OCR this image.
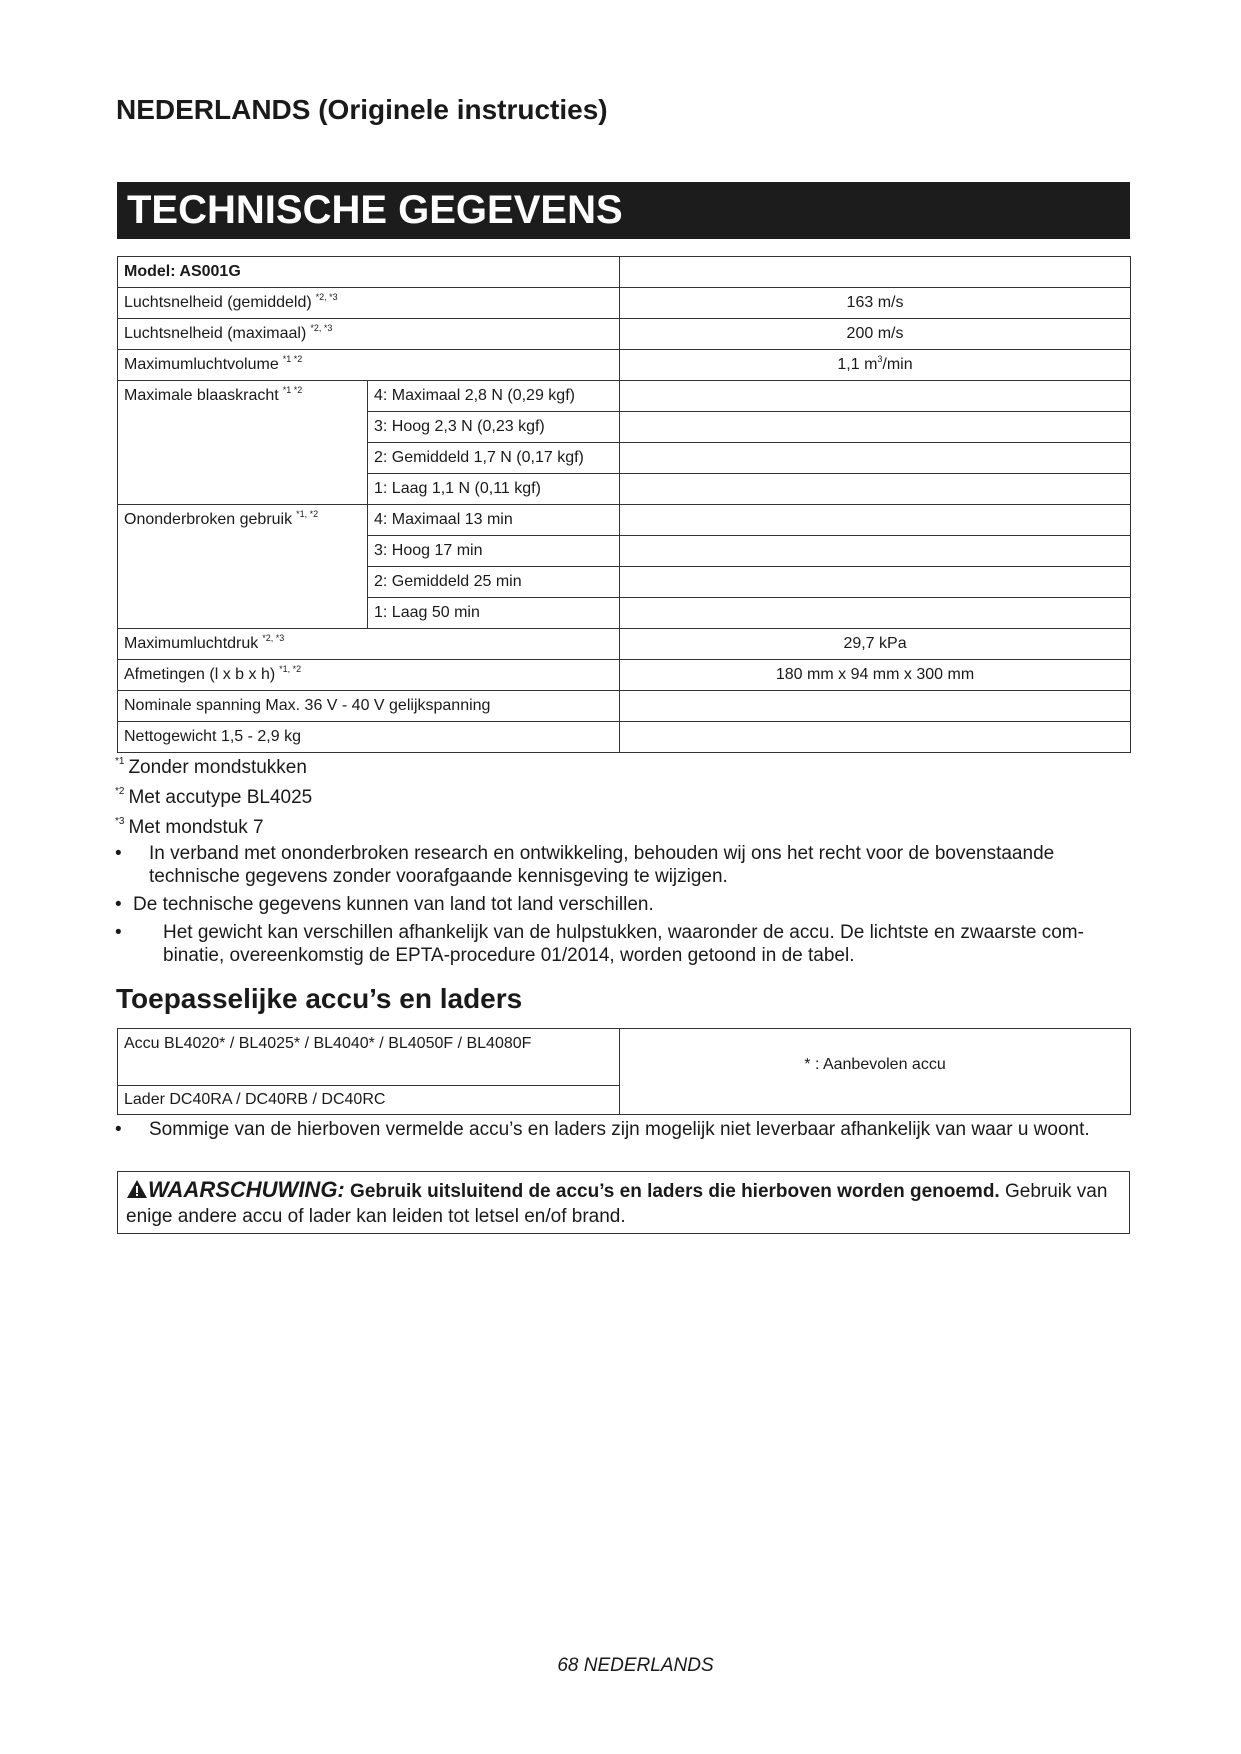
NEDERLANDS (Originele instructies)
TECHNISCHE GEGEVENS
Model: AS001G		
Luchtsnelheid (gemiddeld) $^{*2, *3}$		163 m/s
Luchtsnelheid (maximaal) $^{*2, *3}$		200 m/s
Maximumluchtvolume $^{*1 *2}$		1,1 $m^3/\min$
Maximale blaaskracht $^{*1 *2}$	4: Maximaal 2,8 N (0,29 kgf)	
	3: Hoog 2,3 N (0,23 kgf)	
	2: Gemiddeld 1,7 N (0,17 kgf)	
	1: Laag 1,1 N (0,11 kgf)	
Ononderbroken gebruik $^{*1, *2}$	4: Maximaal 13 min	
	3: Hoog 17 min	
	2: Gemiddeld 25 min	
	1: Laag 50 min	
Maximumluchtdruk $^{*2, *3}$		29,7 kPa
Afmetingen (l x b x h) $^{*1, *2}$		180 mm x 94 mm x 300 mm
Nominale spanning Max. 36 V - 40 V gelijkspanning		
Nettogewicht 1,5 - 2,9 kg		
$^{*1}$ Zonder mondstukken
$^{*2}$ Met accutype BL4025
$^{*3}$ Met mondstuk 7
• In verband met ononderbroken research en ontwikkeling, behouden wij ons het recht voor de bovenstaande technische gegevens zonder voorafgaande kennisgeving te wijzigen.
• De technische gegevens kunnen van land tot land verschillen.
• Het gewicht kan verschillen afhankelijk van de hulpstukken, waaronder de accu. De lichtste en zwaarste com-binatie, overeenkomstig de EPTA-procedure 01/2014, worden getoond in de tabel.
Toepasselijke accu’s en laders
Accu BL4020* / BL4025* / BL4040* / BL4050F / BL4080F	* : Aanbevolen accu
Lader DC40RA / DC40RB / DC40RC
• Sommige van de hierboven vermelde accu’s en laders zijn mogelijk niet leverbaar afhankelijk van waar u woont.
WAARSCHUWING: Gebruik uitsluitend de accu’s en laders die hierboven worden genoemd. Gebruik van enige andere accu of lader kan leiden tot letsel en/of brand.
68 NEDERLANDS
